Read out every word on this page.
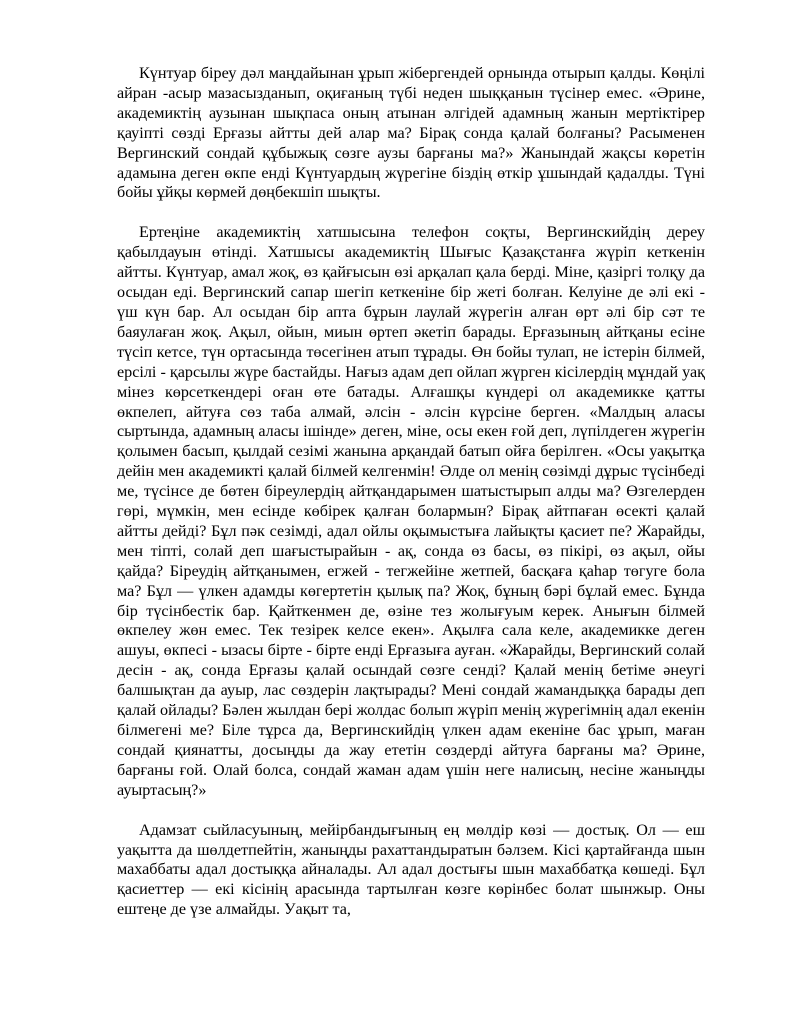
Күнтуар біреу дәл маңдайынан ұрып жібергендей орнында отырып қалды. Көңілі айран -асыр мазасызданып, оқиғаның түбі неден шыққанын түсінер емес. «Әрине, академиктің аузынан шықпаса оның атынан әлгідей адамның жанын мертіктірер қауіпті сөзді Ерғазы айтты дей алар ма? Бірақ сонда қалай болғаны? Расыменен Вергинский сондай құбыжық сөзге аузы барғаны ма?» Жанындай жақсы көретін адамына деген өкпе енді Күнтуардың жүрегіне біздің өткір ұшындай қадалды. Түні бойы ұйқы көрмей дөңбекшіп шықты.

Ертеңіне академиктің хатшысына телефон соқты, Вергинскийдің дереу қабылдауын өтінді. Хатшысы академиктің Шығыс Қазақстанға жүріп кеткенін айтты. Күнтуар, амал жоқ, өз қайғысын өзі арқалап қала берді. Міне, қазіргі толқу да осыдан еді. Вергинский сапар шегіп кеткеніне бір жеті болған. Келуіне де әлі екі - үш күн бар. Ал осыдан бір апта бұрын лаулай жүрегін алған өрт әлі бір сәт те баяулаған жоқ. Ақыл, ойын, миын өртеп әкетіп барады. Ерғазының айтқаны есіне түсіп кетсе, түн ортасында төсегінен атып тұрады. Өн бойы тулап, не істерін білмей, ерсілі - қарсылы жүре бастайды. Нағыз адам деп ойлап жүрген кісілердің мұндай уақ мінез көрсеткендері оған өте батады. Алғашқы күндері ол академикке қатты өкпелеп, айтуға сөз таба алмай, әлсін - әлсін күрсіне берген. «Малдың аласы сыртында, адамның аласы ішінде» деген, міне, осы екен ғой деп, лүпілдеген жүрегін қолымен басып, қылдай сезімі жанына арқандай батып ойға берілген. «Осы уақытқа дейін мен академикті қалай білмей келгенмін! Әлде ол менің сөзімді дұрыс түсінбеді ме, түсінсе де бөтен біреулердің айтқандарымен шатыстырып алды ма? Өзгелерден гөрі, мүмкін, мен есінде көбірек қалған болармын? Бірақ айтпаған өсекті қалай айтты дейді? Бұл пәк сезімді, адал ойлы оқымыстыға лайықты қасиет пе? Жарайды, мен тіпті, солай деп шағыстырайын - ақ, сонда өз басы, өз пікірі, өз ақыл, ойы қайда? Біреудің айтқанымен, егжей - тегжейіне жетпей, басқаға қаһар төгуге бола ма? Бұл — үлкен адамды көгертетін қылық па? Жоқ, бұның бәрі бұлай емес. Бұнда бір түсінбестік бар. Қайткенмен де, өзіне тез жолығуым керек. Анығын білмей өкпелеу жөн емес. Тек тезірек келсе екен». Ақылға сала келе, академикке деген ашуы, өкпесі - ызасы бірте - бірте енді Ерғазыға ауған. «Жарайды, Вергинский солай десін - ақ, сонда Ерғазы қалай осындай сөзге сенді? Қалай менің бетіме әнеугі балшықтан да ауыр, лас сөздерін лақтырады? Мені сондай жамандыққа барады деп қалай ойлады? Бәлен жылдан бері жолдас болып жүріп менің жүрегімнің адал екенін білмегені ме? Біле тұрса да, Вергинскийдің үлкен адам екеніне бас ұрып, маған сондай қиянатты, досыңды да жау ететін сөздерді айтуға барғаны ма? Әрине, барғаны ғой. Олай болса, сондай жаман адам үшін неге налисың, несіне жаныңды ауыртасың?»

Адамзат сыйласуының, мейірбандығының ең мөлдір көзі — достық. Ол — еш уақытта да шөлдетпейтін, жаныңды рахаттандыратын бәлзем. Кісі қартайғанда шын махаббаты адал достыққа айналады. Ал адал достығы шын махаббатқа көшеді. Бұл қасиеттер — екі кісінің арасында тартылған көзге көрінбес болат шынжыр. Оны ештеңе де үзе алмайды. Уақыт та,
